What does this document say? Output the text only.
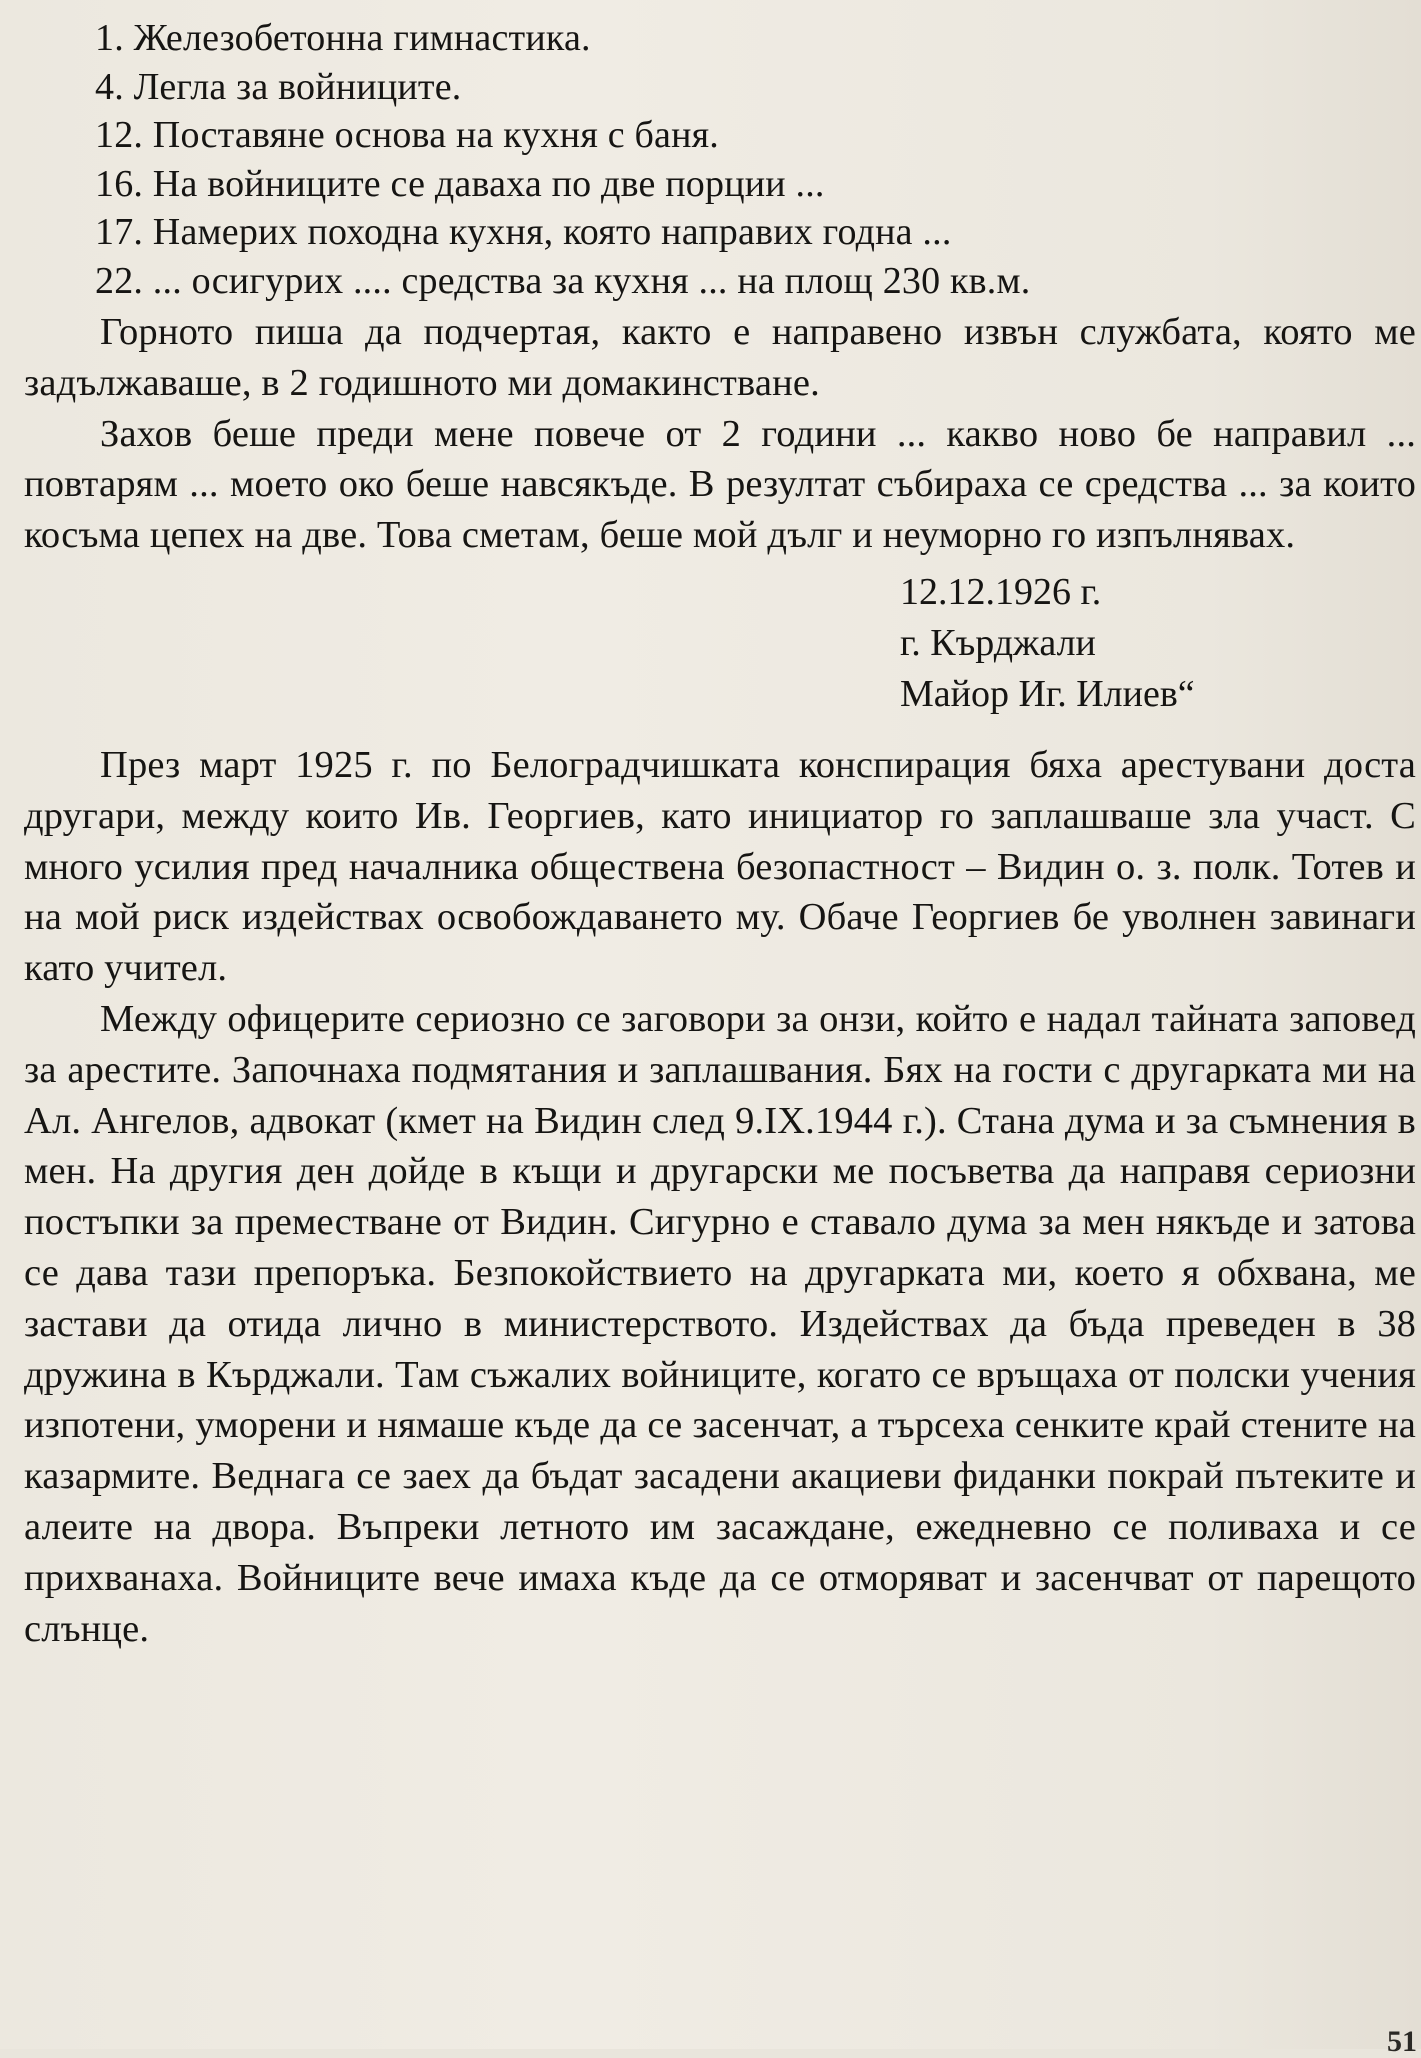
1. Железобетонна гимнастика.
4. Легла за войниците.
12. Поставяне основа на кухня с баня.
16. На войниците се даваха по две порции ...
17. Намерих походна кухня, която направих годна ...
22. ... осигурих .... средства за кухня ... на площ 230 кв.м.

Горното пиша да подчертая, както е направено извън службата, която ме задължаваше, в 2 годишното ми домакинстване.

Захов беше преди мене повече от 2 години ... какво ново бе направил ... повтарям ... моето око беше навсякъде. В резултат събираха се средства ... за които косъма цепех на две. Това сметам, беше мой дълг и неуморно го изпълнявах.

12.12.1926 г.
г. Кърджали
Майор Иг. Илиев“

През март 1925 г. по Белоградчишката конспирация бяха арестувани доста другари, между които Ив. Георгиев, като инициатор го заплашваше зла участ. С много усилия пред началника обществена безопастност – Видин о. з. полк. Тотев и на мой риск издействах освобождаването му. Обаче Георгиев бе уволнен завинаги като учител.

Между офицерите сериозно се заговори за онзи, който е надал тайната заповед за арестите. Започнаха подмятания и заплашвания. Бях на гости с другарката ми на Ал. Ангелов, адвокат (кмет на Видин след 9.IX.1944 г.). Стана дума и за съмнения в мен. На другия ден дойде в къщи и другарски ме посъветва да направя сериозни постъпки за преместване от Видин. Сигурно е ставало дума за мен някъде и затова се дава тази препоръка. Безпокойствието на другарката ми, което я обхвана, ме застави да отида лично в министерството. Издействах да бъда преведен в 38 дружина в Кърджали. Там съжалих войниците, когато се връщаха от полски учения изпотени, уморени и нямаше къде да се засенчат, а търсеха сенките край стените на казармите. Веднага се заех да бъдат засадени акациеви фиданки покрай пътеките и алеите на двора. Въпреки летното им засаждане, ежедневно се поливаха и се прихванаха. Войниците вече имаха къде да се отморяват и засенчват от парещото слънце.

51
